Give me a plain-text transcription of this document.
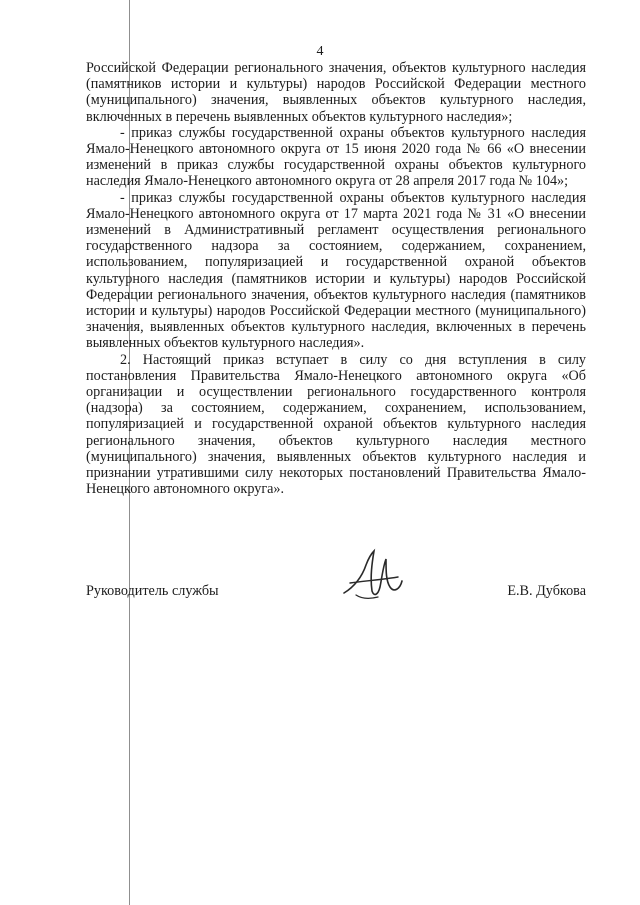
4

Российской Федерации регионального значения, объектов культурного наследия (памятников истории и культуры) народов Российской Федерации местного (муниципального) значения, выявленных объектов культурного наследия, включенных в перечень выявленных объектов культурного наследия»;

- приказ службы государственной охраны объектов культурного наследия Ямало-Ненецкого автономного округа от 15 июня 2020 года № 66 «О внесении изменений в приказ службы государственной охраны объектов культурного наследия Ямало-Ненецкого автономного округа от 28 апреля 2017 года № 104»;

- приказ службы государственной охраны объектов культурного наследия Ямало-Ненецкого автономного округа от 17 марта 2021 года № 31 «О внесении изменений в Административный регламент осуществления регионального государственного надзора за состоянием, содержанием, сохранением, использованием, популяризацией и государственной охраной объектов культурного наследия (памятников истории и культуры) народов Российской Федерации регионального значения, объектов культурного наследия (памятников истории и культуры) народов Российской Федерации местного (муниципального) значения, выявленных объектов культурного наследия, включенных в перечень выявленных объектов культурного наследия».

2. Настоящий приказ вступает в силу со дня вступления в силу постановления Правительства Ямало-Ненецкого автономного округа «Об организации и осуществлении регионального государственного контроля (надзора) за состоянием, содержанием, сохранением, использованием, популяризацией и государственной охраной объектов культурного наследия регионального значения, объектов культурного наследия местного (муниципального) значения, выявленных объектов культурного наследия и признании утратившими силу некоторых постановлений Правительства Ямало-Ненецкого автономного округа».

Руководитель службы	Е.В. Дубкова
